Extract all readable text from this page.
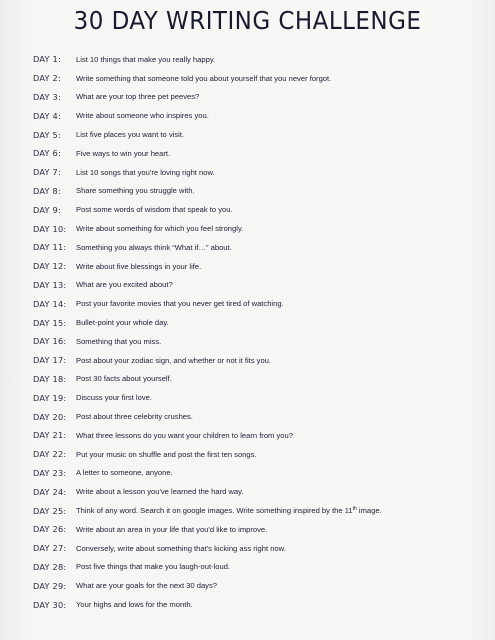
30 DAY WRITING CHALLENGE
DAY 1:	List 10 things that make you really happy.
DAY 2:	Write something that someone told you about yourself that you never forgot.
DAY 3:	What are your top three pet peeves?
DAY 4:	Write about someone who inspires you.
DAY 5:	List five places you want to visit.
DAY 6:	Five ways to win your heart.
DAY 7:	List 10 songs that you're loving right now.
DAY 8:	Share something you struggle with.
DAY 9:	Post some words of wisdom that speak to you.
DAY 10:	Write about something for which you feel strongly.
DAY 11:	Something you always think “What if…” about.
DAY 12:	Write about five blessings in your life.
DAY 13:	What are you excited about?
DAY 14:	Post your favorite movies that you never get tired of watching.
DAY 15:	Bullet-point your whole day.
DAY 16:	Something that you miss.
DAY 17:	Post about your zodiac sign, and whether or not it fits you.
DAY 18:	Post 30 facts about yourself.
DAY 19:	Discuss your first love.
DAY 20:	Post about three celebrity crushes.
DAY 21:	What three lessons do you want your children to learn from you?
DAY 22:	Put your music on shuffle and post the first ten songs.
DAY 23:	A letter to someone, anyone.
DAY 24:	Write about a lesson you've learned the hard way.
DAY 25:	Think of any word. Search it on google images. Write something inspired by the 11th image.
DAY 26:	Write about an area in your life that you'd like to improve.
DAY 27:	Conversely, write about something that's kicking ass right now.
DAY 28:	Post five things that make you laugh-out-loud.
DAY 29:	What are your goals for the next 30 days?
DAY 30:	Your highs and lows for the month.
